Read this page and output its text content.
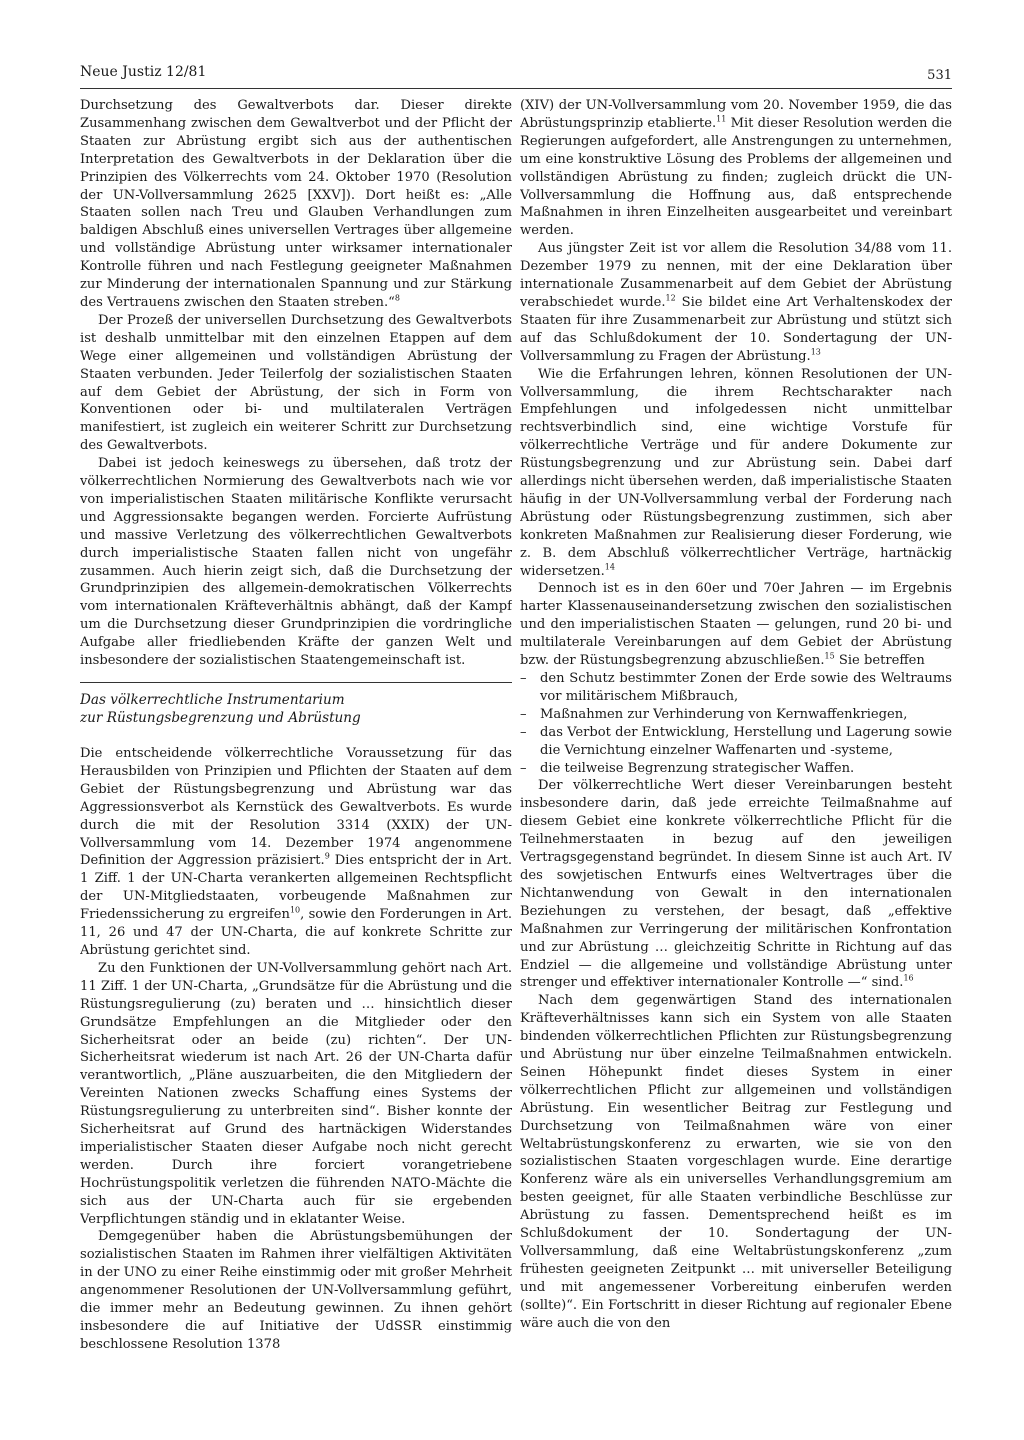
Neue Justiz 12/81	531

Durchsetzung des Gewaltverbots dar. Dieser direkte Zusammenhang zwischen dem Gewaltverbot und der Pflicht der Staaten zur Abrüstung ergibt sich aus der authentischen Interpretation des Gewaltverbots in der Deklaration über die Prinzipien des Völkerrechts vom 24. Oktober 1970 (Resolution der UN-Vollversammlung 2625 [XXV]). Dort heißt es: „Alle Staaten sollen nach Treu und Glauben Verhandlungen zum baldigen Abschluß eines universellen Vertrages über allgemeine und vollständige Abrüstung unter wirksamer internationaler Kontrolle führen und nach Festlegung geeigneter Maßnahmen zur Minderung der internationalen Spannung und zur Stärkung des Vertrauens zwischen den Staaten streben.“$^8$

Der Prozeß der universellen Durchsetzung des Gewaltverbots ist deshalb unmittelbar mit den einzelnen Etappen auf dem Wege einer allgemeinen und vollständigen Abrüstung der Staaten verbunden. Jeder Teilerfolg der sozialistischen Staaten auf dem Gebiet der Abrüstung, der sich in Form von Konventionen oder bi- und multilateralen Verträgen manifestiert, ist zugleich ein weiterer Schritt zur Durchsetzung des Gewaltverbots.

Dabei ist jedoch keineswegs zu übersehen, daß trotz der völkerrechtlichen Normierung des Gewaltverbots nach wie vor von imperialistischen Staaten militärische Konflikte verursacht und Aggressionsakte begangen werden. Forcierte Aufrüstung und massive Verletzung des völkerrechtlichen Gewaltverbots durch imperialistische Staaten fallen nicht von ungefähr zusammen. Auch hierin zeigt sich, daß die Durchsetzung der Grundprinzipien des allgemein-demokratischen Völkerrechts vom internationalen Kräfteverhältnis abhängt, daß der Kampf um die Durchsetzung dieser Grundprinzipien die vordringliche Aufgabe aller friedliebenden Kräfte der ganzen Welt und insbesondere der sozialistischen Staatengemeinschaft ist.

Das völkerrechtliche Instrumentarium
zur Rüstungsbegrenzung und Abrüstung

Die entscheidende völkerrechtliche Voraussetzung für das Herausbilden von Prinzipien und Pflichten der Staaten auf dem Gebiet der Rüstungsbegrenzung und Abrüstung war das Aggressionsverbot als Kernstück des Gewaltverbots. Es wurde durch die mit der Resolution 3314 (XXIX) der UN-Vollversammlung vom 14. Dezember 1974 angenommene Definition der Aggression präzisiert.$^9$ Dies entspricht der in Art. 1 Ziff. 1 der UN-Charta verankerten allgemeinen Rechtspflicht der UN-Mitgliedstaaten, vorbeugende Maßnahmen zur Friedenssicherung zu ergreifen$^{10}$, sowie den Forderungen in Art. 11, 26 und 47 der UN-Charta, die auf konkrete Schritte zur Abrüstung gerichtet sind.

Zu den Funktionen der UN-Vollversammlung gehört nach Art. 11 Ziff. 1 der UN-Charta, „Grundsätze für die Abrüstung und die Rüstungsregulierung (zu) beraten und … hinsichtlich dieser Grundsätze Empfehlungen an die Mitglieder oder den Sicherheitsrat oder an beide (zu) richten“. Der UN-Sicherheitsrat wiederum ist nach Art. 26 der UN-Charta dafür verantwortlich, „Pläne auszuarbeiten, die den Mitgliedern der Vereinten Nationen zwecks Schaffung eines Systems der Rüstungsregulierung zu unterbreiten sind“. Bisher konnte der Sicherheitsrat auf Grund des hartnäckigen Widerstandes imperialistischer Staaten dieser Aufgabe noch nicht gerecht werden. Durch ihre forciert vorangetriebene Hochrüstungspolitik verletzen die führenden NATO-Mächte die sich aus der UN-Charta auch für sie ergebenden Verpflichtungen ständig und in eklatanter Weise.

Demgegenüber haben die Abrüstungsbemühungen der sozialistischen Staaten im Rahmen ihrer vielfältigen Aktivitäten in der UNO zu einer Reihe einstimmig oder mit großer Mehrheit angenommener Resolutionen der UN-Vollversammlung geführt, die immer mehr an Bedeutung gewinnen. Zu ihnen gehört insbesondere die auf Initiative der UdSSR einstimmig beschlossene Resolution 1378

(XIV) der UN-Vollversammlung vom 20. November 1959, die das Abrüstungsprinzip etablierte.$^{11}$ Mit dieser Resolution werden die Regierungen aufgefordert, alle Anstrengungen zu unternehmen, um eine konstruktive Lösung des Problems der allgemeinen und vollständigen Abrüstung zu finden; zugleich drückt die UN-Vollversammlung die Hoffnung aus, daß entsprechende Maßnahmen in ihren Einzelheiten ausgearbeitet und vereinbart werden.

Aus jüngster Zeit ist vor allem die Resolution 34/88 vom 11. Dezember 1979 zu nennen, mit der eine Deklaration über internationale Zusammenarbeit auf dem Gebiet der Abrüstung verabschiedet wurde.$^{12}$ Sie bildet eine Art Verhaltenskodex der Staaten für ihre Zusammenarbeit zur Abrüstung und stützt sich auf das Schlußdokument der 10. Sondertagung der UN-Vollversammlung zu Fragen der Abrüstung.$^{13}$

Wie die Erfahrungen lehren, können Resolutionen der UN-Vollversammlung, die ihrem Rechtscharakter nach Empfehlungen und infolgedessen nicht unmittelbar rechtsverbindlich sind, eine wichtige Vorstufe für völkerrechtliche Verträge und für andere Dokumente zur Rüstungsbegrenzung und zur Abrüstung sein. Dabei darf allerdings nicht übersehen werden, daß imperialistische Staaten häufig in der UN-Vollversammlung verbal der Forderung nach Abrüstung oder Rüstungsbegrenzung zustimmen, sich aber konkreten Maßnahmen zur Realisierung dieser Forderung, wie z. B. dem Abschluß völkerrechtlicher Verträge, hartnäckig widersetzen.$^{14}$

Dennoch ist es in den 60er und 70er Jahren — im Ergebnis harter Klassenauseinandersetzung zwischen den sozialistischen und den imperialistischen Staaten — gelungen, rund 20 bi- und multilaterale Vereinbarungen auf dem Gebiet der Abrüstung bzw. der Rüstungsbegrenzung abzuschließen.$^{15}$ Sie betreffen

– den Schutz bestimmter Zonen der Erde sowie des Weltraums vor militärischem Mißbrauch,
– Maßnahmen zur Verhinderung von Kernwaffenkriegen,
– das Verbot der Entwicklung, Herstellung und Lagerung sowie die Vernichtung einzelner Waffenarten und -systeme,
– die teilweise Begrenzung strategischer Waffen.

Der völkerrechtliche Wert dieser Vereinbarungen besteht insbesondere darin, daß jede erreichte Teilmaßnahme auf diesem Gebiet eine konkrete völkerrechtliche Pflicht für die Teilnehmerstaaten in bezug auf den jeweiligen Vertragsgegenstand begründet. In diesem Sinne ist auch Art. IV des sowjetischen Entwurfs eines Weltvertrages über die Nichtanwendung von Gewalt in den internationalen Beziehungen zu verstehen, der besagt, daß „effektive Maßnahmen zur Verringerung der militärischen Konfrontation und zur Abrüstung … gleichzeitig Schritte in Richtung auf das Endziel — die allgemeine und vollständige Abrüstung unter strenger und effektiver internationaler Kontrolle —“ sind.$^{16}$

Nach dem gegenwärtigen Stand des internationalen Kräfteverhältnisses kann sich ein System von alle Staaten bindenden völkerrechtlichen Pflichten zur Rüstungsbegrenzung und Abrüstung nur über einzelne Teilmaßnahmen entwickeln. Seinen Höhepunkt findet dieses System in einer völkerrechtlichen Pflicht zur allgemeinen und vollständigen Abrüstung. Ein wesentlicher Beitrag zur Festlegung und Durchsetzung von Teilmaßnahmen wäre von einer Weltabrüstungskonferenz zu erwarten, wie sie von den sozialistischen Staaten vorgeschlagen wurde. Eine derartige Konferenz wäre als ein universelles Verhandlungsgremium am besten geeignet, für alle Staaten verbindliche Beschlüsse zur Abrüstung zu fassen. Dementsprechend heißt es im Schlußdokument der 10. Sondertagung der UN-Vollversammlung, daß eine Weltabrüstungskonferenz „zum frühesten geeigneten Zeitpunkt … mit universeller Beteiligung und mit angemessener Vorbereitung einberufen werden (sollte)“. Ein Fortschritt in dieser Richtung auf regionaler Ebene wäre auch die von den
